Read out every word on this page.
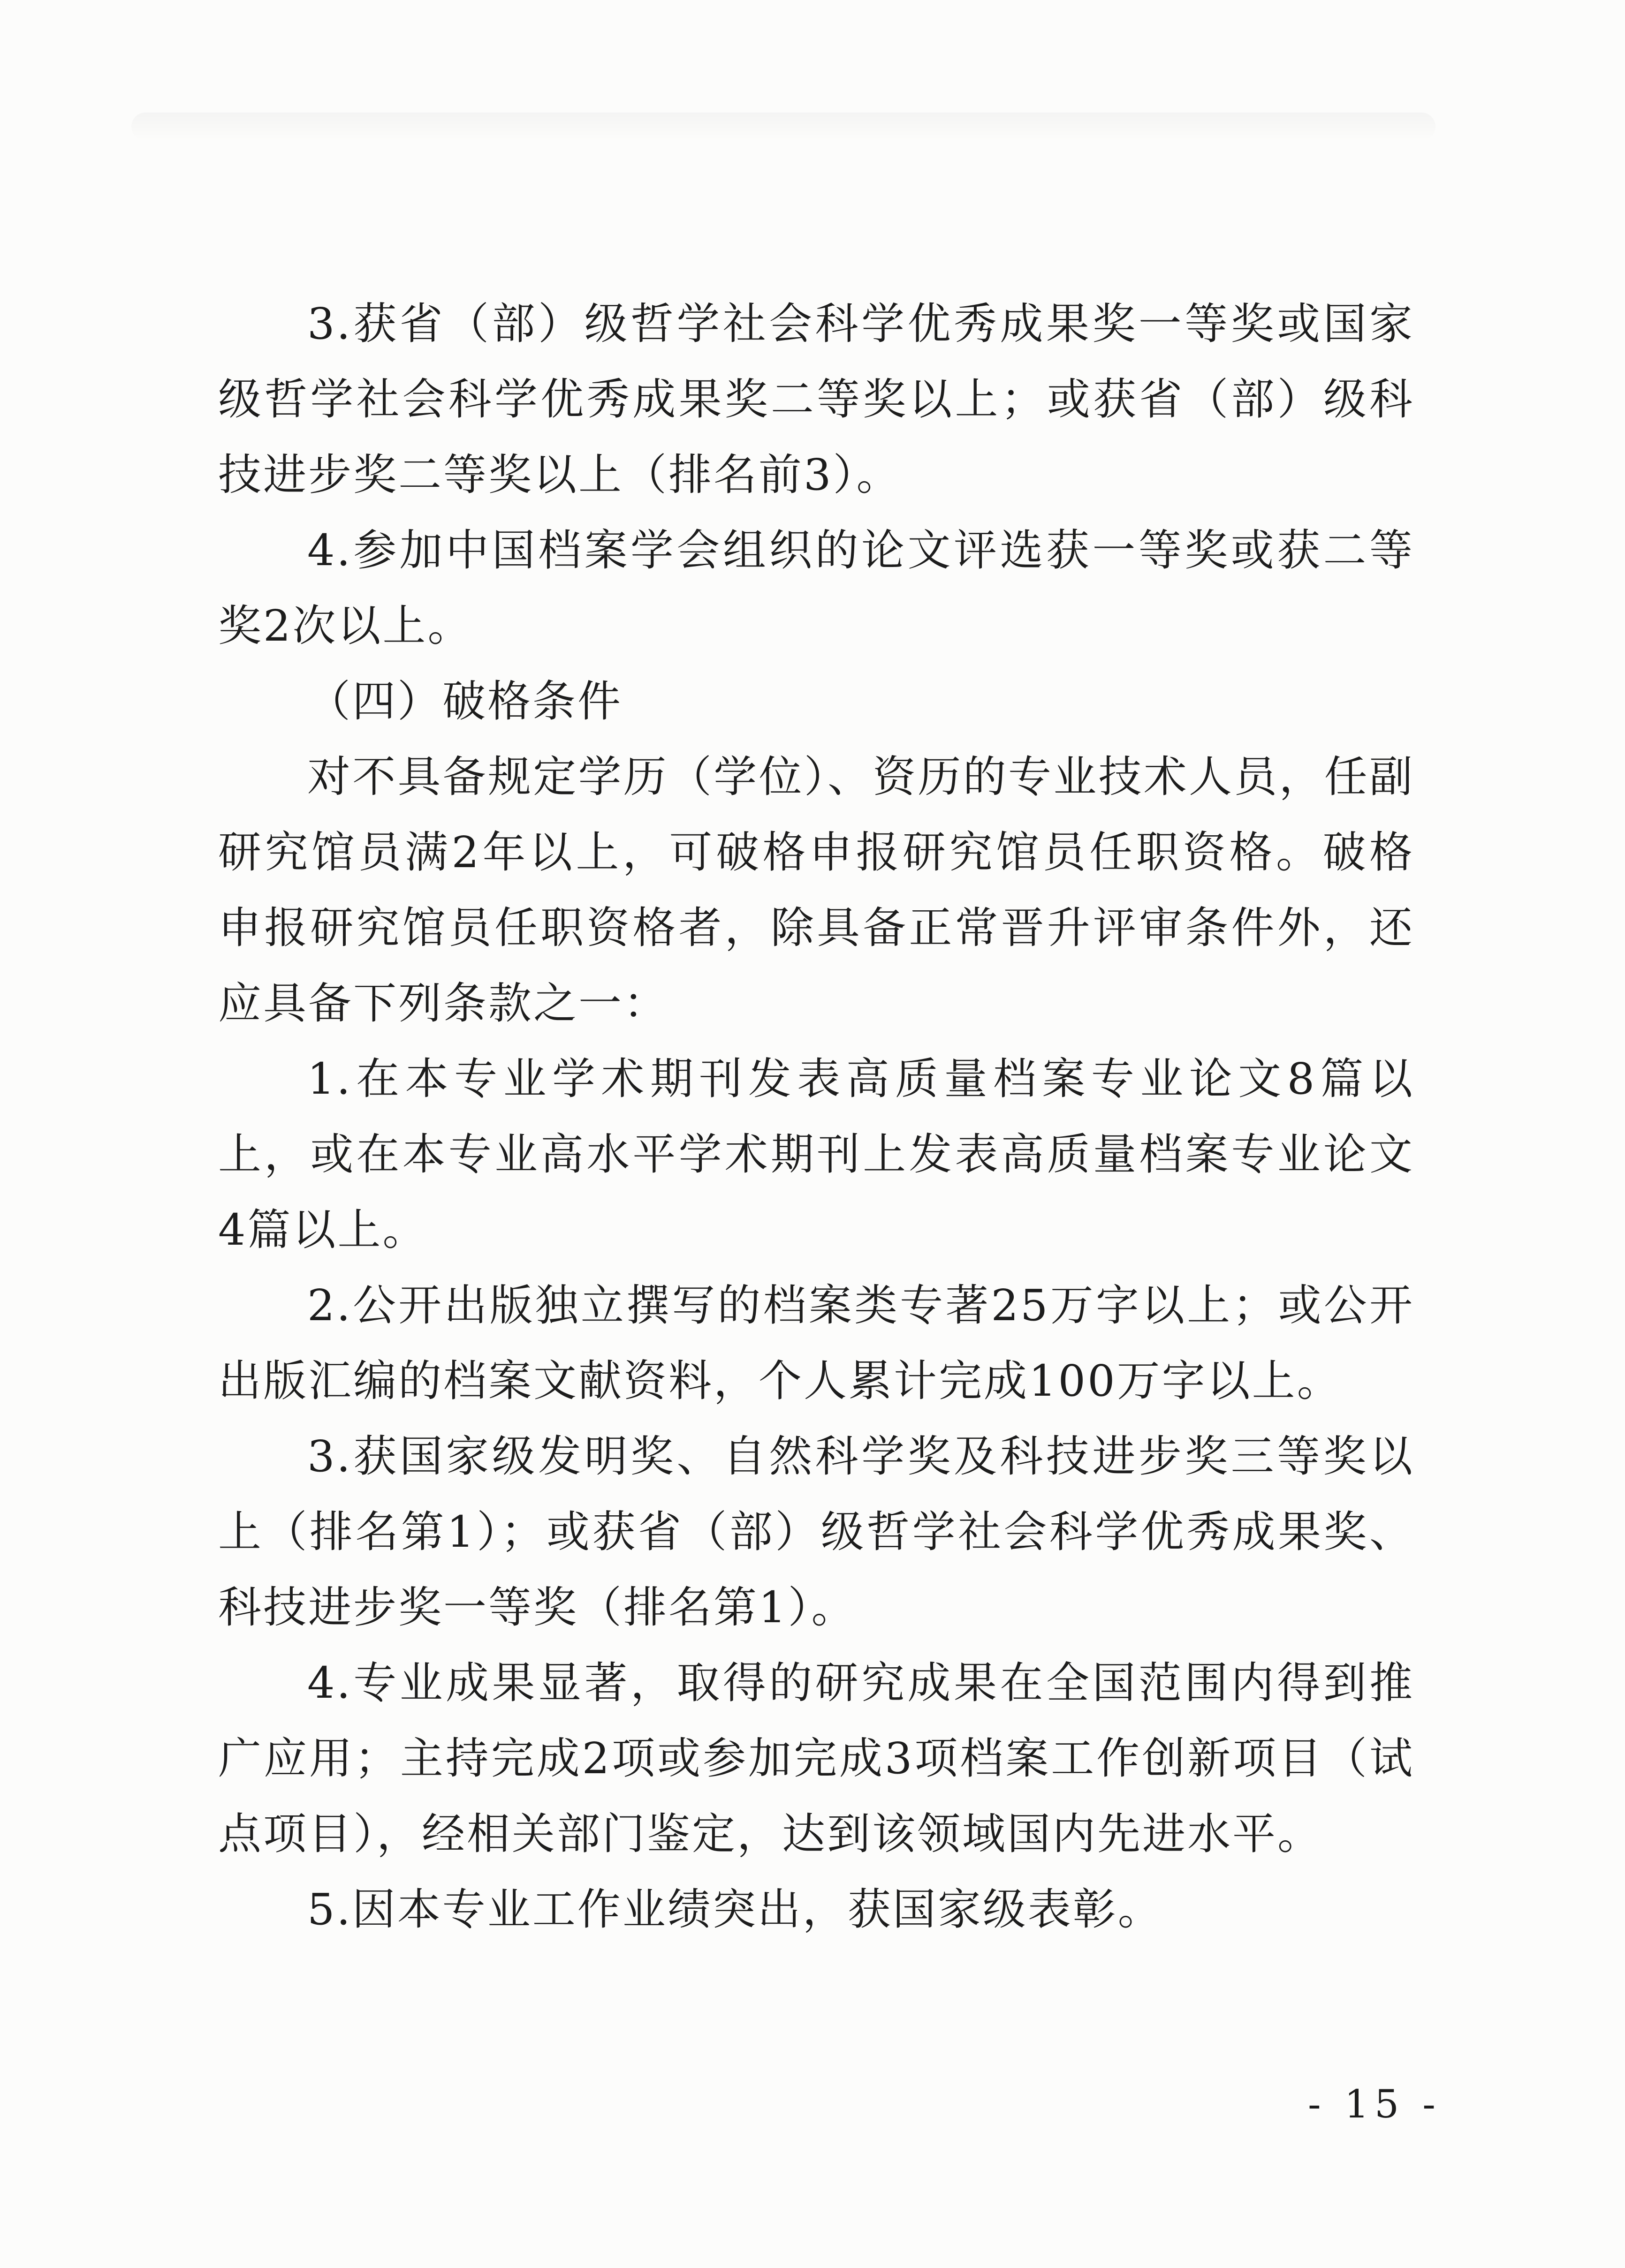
3.获省（部）级哲学社会科学优秀成果奖一等奖或国家级哲学社会科学优秀成果奖二等奖以上；或获省（部）级科技进步奖二等奖以上（排名前3）。

4.参加中国档案学会组织的论文评选获一等奖或获二等奖2次以上。

（四）破格条件

对不具备规定学历（学位）、资历的专业技术人员，任副研究馆员满2年以上，可破格申报研究馆员任职资格。破格申报研究馆员任职资格者，除具备正常晋升评审条件外，还应具备下列条款之一：

1.在本专业学术期刊发表高质量档案专业论文8篇以上，或在本专业高水平学术期刊上发表高质量档案专业论文4篇以上。

2.公开出版独立撰写的档案类专著25万字以上；或公开出版汇编的档案文献资料，个人累计完成100万字以上。

3.获国家级发明奖、自然科学奖及科技进步奖三等奖以上（排名第1）；或获省（部）级哲学社会科学优秀成果奖、科技进步奖一等奖（排名第1）。

4.专业成果显著，取得的研究成果在全国范围内得到推广应用；主持完成2项或参加完成3项档案工作创新项目（试点项目），经相关部门鉴定，达到该领域国内先进水平。

5.因本专业工作业绩突出，获国家级表彰。

- 15 -
